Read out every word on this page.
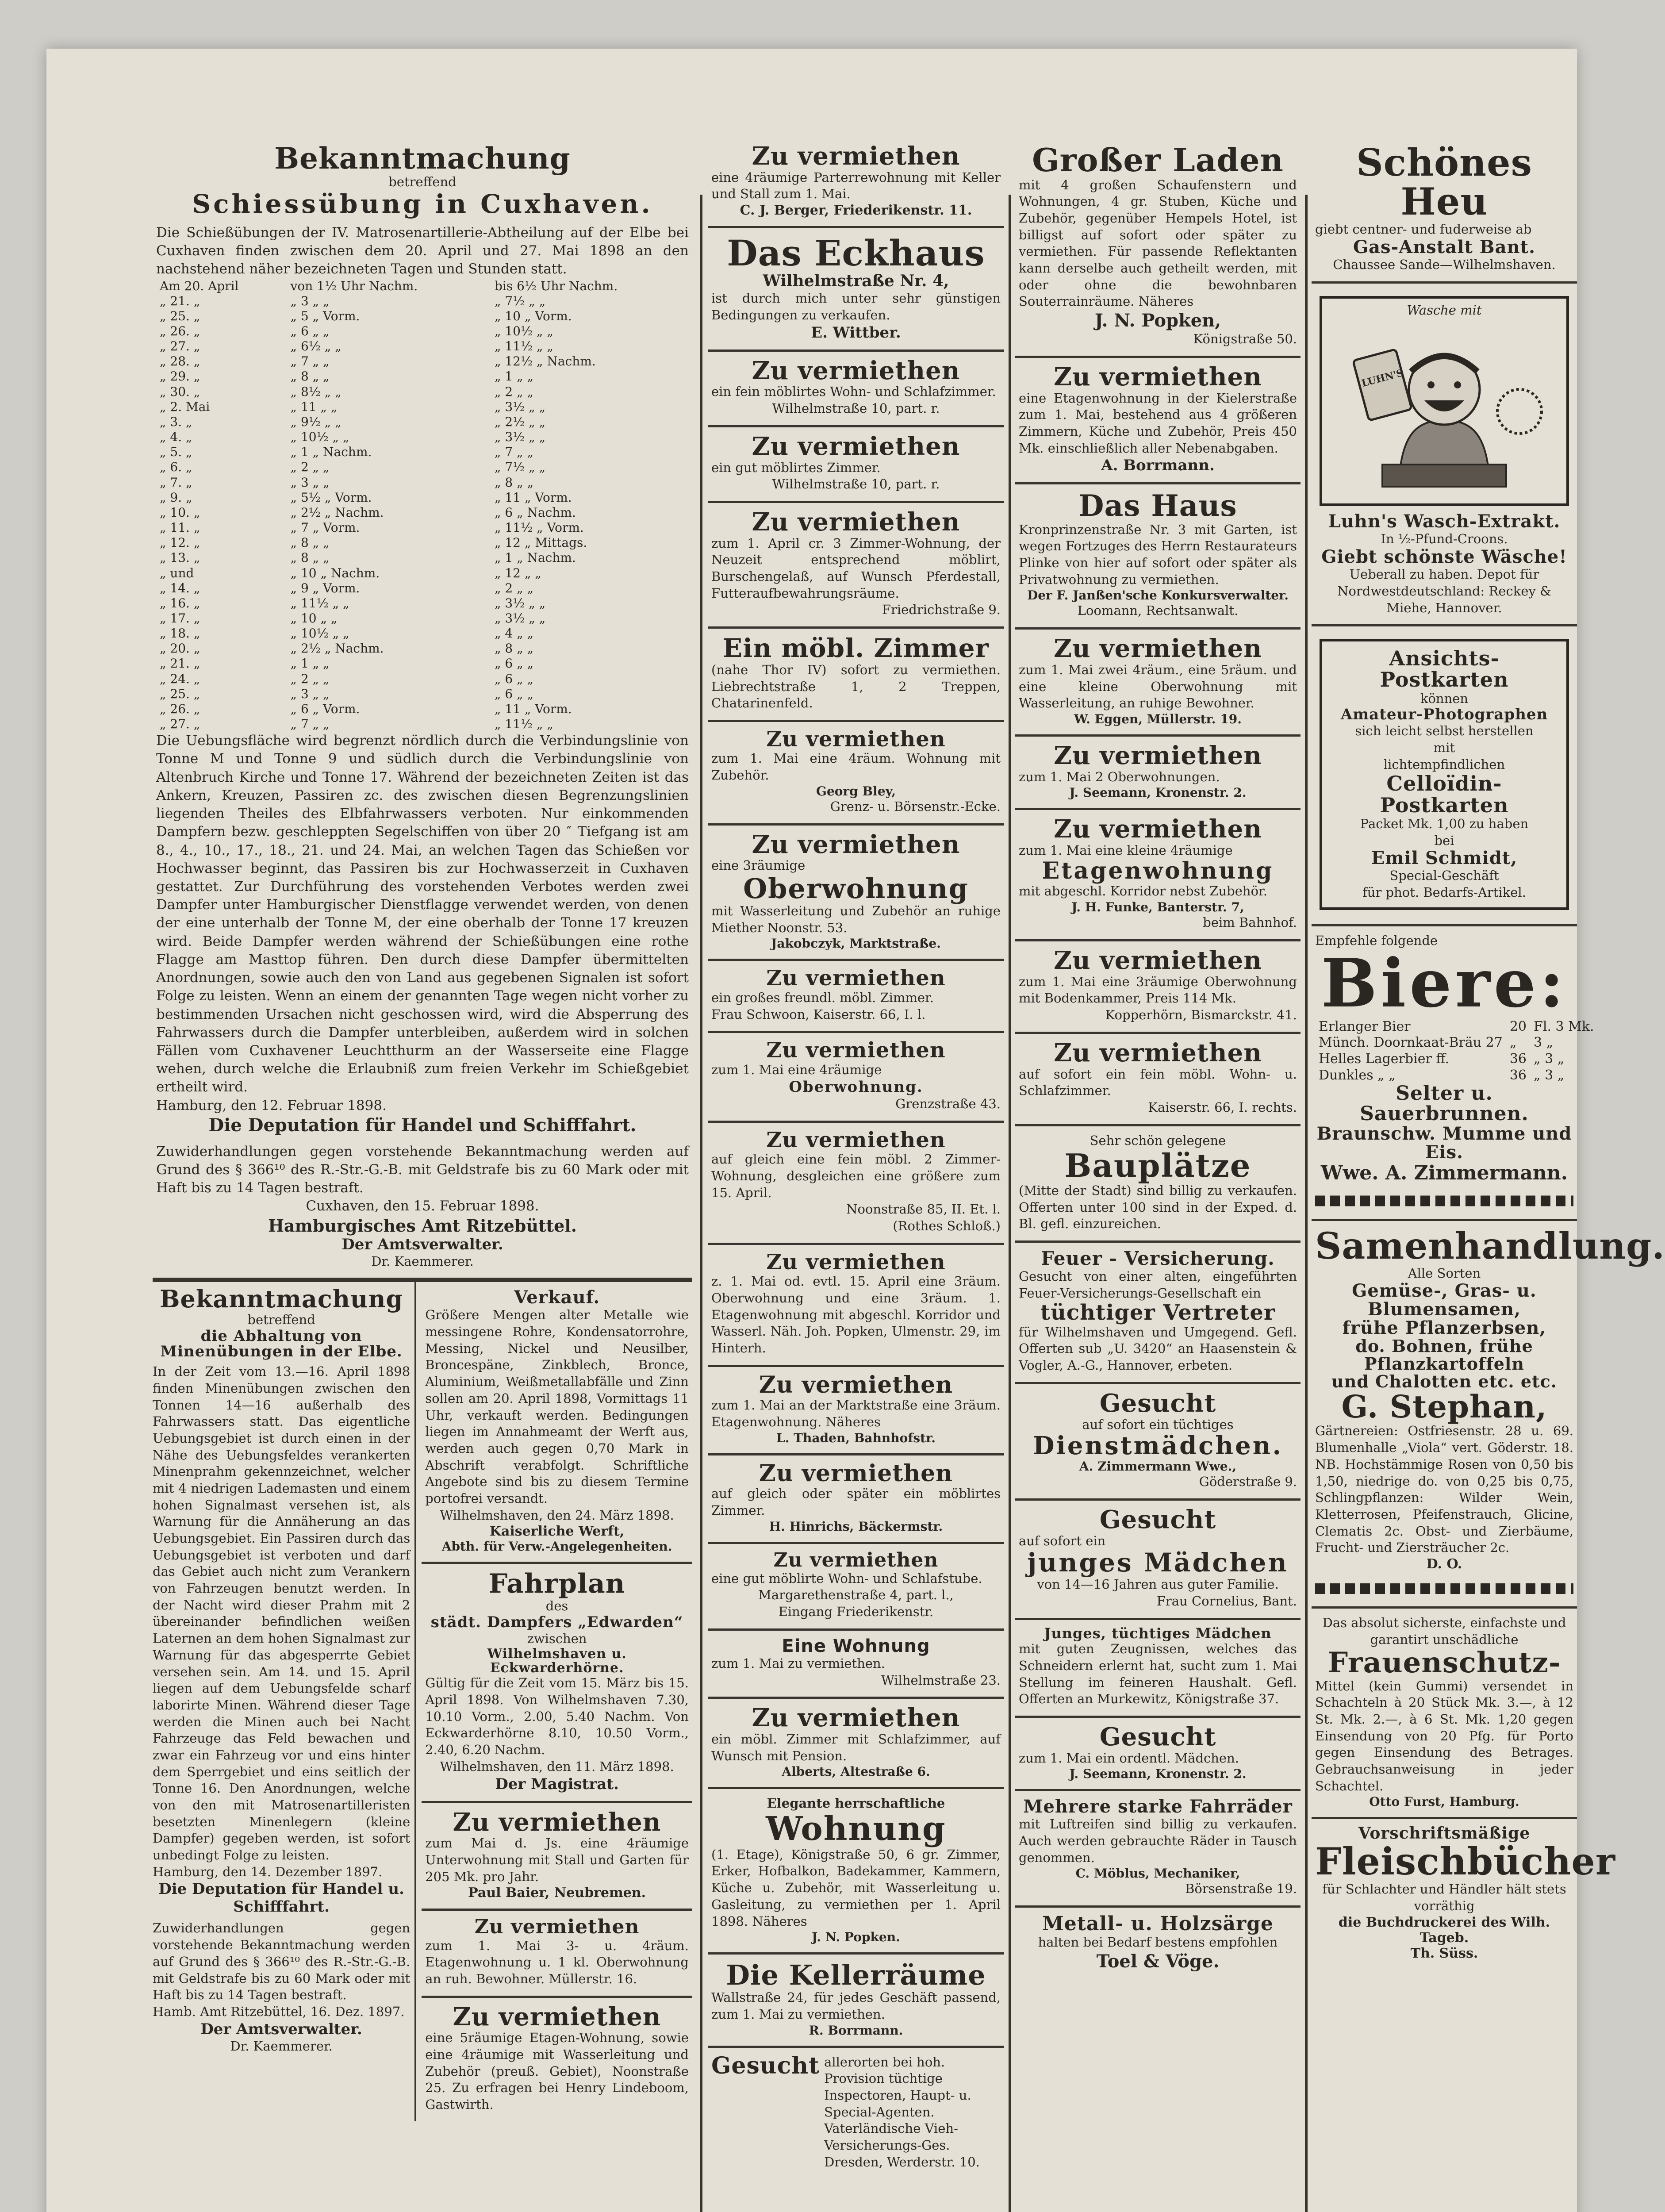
Bekanntmachung
betreffend
Schiessübung in Cuxhaven.
Die Schießübungen der IV. Matrosenartillerie-Abtheilung auf der Elbe bei Cuxhaven finden zwischen dem 20. April und 27. Mai 1898 an den nachstehend näher bezeichneten Tagen und Stunden statt.
Am 20. April	von 1½ Uhr Nachm.	bis 6½ Uhr Nachm.
„ 21. „	„ 3 „ „	„ 7½ „ „
„ 25. „	„ 5 „ Vorm.	„ 10 „ Vorm.
„ 26. „	„ 6 „ „	„ 10½ „ „
„ 27. „	„ 6½ „ „	„ 11½ „ „
„ 28. „	„ 7 „ „	„ 12½ „ Nachm.
„ 29. „	„ 8 „ „	„ 1 „ „
„ 30. „	„ 8½ „ „	„ 2 „ „
„ 2. Mai	„ 11 „ „	„ 3½ „ „
„ 3. „	„ 9½ „ „	„ 2½ „ „
„ 4. „	„ 10½ „ „	„ 3½ „ „
„ 5. „	„ 1 „ Nachm.	„ 7 „ „
„ 6. „	„ 2 „ „	„ 7½ „ „
„ 7. „	„ 3 „ „	„ 8 „ „
„ 9. „	„ 5½ „ Vorm.	„ 11 „ Vorm.
„ 10. „	„ 2½ „ Nachm.	„ 6 „ Nachm.
„ 11. „	„ 7 „ Vorm.	„ 11½ „ Vorm.
„ 12. „	„ 8 „ „	„ 12 „ Mittags.
„ 13. „	„ 8 „ „	„ 1 „ Nachm.
„ und	„ 10 „ Nachm.	„ 12 „ „
„ 14. „	„ 9 „ Vorm.	„ 2 „ „
„ 16. „	„ 11½ „ „	„ 3½ „ „
„ 17. „	„ 10 „ „	„ 3½ „ „
„ 18. „	„ 10½ „ „	„ 4 „ „
„ 20. „	„ 2½ „ Nachm.	„ 8 „ „
„ 21. „	„ 1 „ „	„ 6 „ „
„ 24. „	„ 2 „ „	„ 6 „ „
„ 25. „	„ 3 „ „	„ 6 „ „
„ 26. „	„ 6 „ Vorm.	„ 11 „ Vorm.
„ 27. „	„ 7 „ „	„ 11½ „ „
Die Uebungsfläche wird begrenzt nördlich durch die Verbindungslinie von Tonne M und Tonne 9 und südlich durch die Verbindungslinie von Altenbruch Kirche und Tonne 17. Während der bezeichneten Zeiten ist das Ankern, Kreuzen, Passiren zc. des zwischen diesen Begrenzungslinien liegenden Theiles des Elbfahrwassers verboten. Nur einkommenden Dampfern bezw. geschleppten Segelschiffen von über 20 ″ Tiefgang ist am 8., 4., 10., 17., 18., 21. und 24. Mai, an welchen Tagen das Schießen vor Hochwasser beginnt, das Passiren bis zur Hochwasserzeit in Cuxhaven gestattet. Zur Durchführung des vorstehenden Verbotes werden zwei Dampfer unter Hamburgischer Dienstflagge verwendet werden, von denen der eine unterhalb der Tonne M, der eine oberhalb der Tonne 17 kreuzen wird. Beide Dampfer werden während der Schießübungen eine rothe Flagge am Masttop führen. Den durch diese Dampfer übermittelten Anordnungen, sowie auch den von Land aus gegebenen Signalen ist sofort Folge zu leisten. Wenn an einem der genannten Tage wegen nicht vorher zu bestimmenden Ursachen nicht geschossen wird, wird die Absperrung des Fahrwassers durch die Dampfer unterbleiben, außerdem wird in solchen Fällen vom Cuxhavener Leuchtthurm an der Wasserseite eine Flagge wehen, durch welche die Erlaubniß zum freien Verkehr im Schießgebiet ertheilt wird.
Hamburg, den 12. Februar 1898.
Die Deputation für Handel und Schifffahrt.
Zuwiderhandlungen gegen vorstehende Bekanntmachung werden auf Grund des § 366¹⁰ des R.-Str.-G.-B. mit Geldstrafe bis zu 60 Mark oder mit Haft bis zu 14 Tagen bestraft.
Cuxhaven, den 15. Februar 1898.
Hamburgisches Amt Ritzebüttel.
Der Amtsverwalter.
Dr. Kaemmerer.
Bekanntmachung
betreffend
die Abhaltung von Minenübungen in der Elbe.
In der Zeit vom 13.—16. April 1898 finden Minenübungen zwischen den Tonnen 14—16 außerhalb des Fahrwassers statt. Das eigentliche Uebungsgebiet ist durch einen in der Nähe des Uebungsfeldes verankerten Minenprahm gekennzeichnet, welcher mit 4 niedrigen Lademasten und einem hohen Signalmast versehen ist, als Warnung für die Annäherung an das Uebungsgebiet. Ein Passiren durch das Uebungsgebiet ist verboten und darf das Gebiet auch nicht zum Verankern von Fahrzeugen benutzt werden. In der Nacht wird dieser Prahm mit 2 übereinander befindlichen weißen Laternen an dem hohen Signalmast zur Warnung für das abgesperrte Gebiet versehen sein. Am 14. und 15. April liegen auf dem Uebungsfelde scharf laborirte Minen. Während dieser Tage werden die Minen auch bei Nacht Fahrzeuge das Feld bewachen und zwar ein Fahrzeug vor und eins hinter dem Sperrgebiet und eins seitlich der Tonne 16. Den Anordnungen, welche von den mit Matrosenartilleristen besetzten Minenlegern (kleine Dampfer) gegeben werden, ist sofort unbedingt Folge zu leisten.
Hamburg, den 14. Dezember 1897.
Die Deputation für Handel u. Schifffahrt.
Zuwiderhandlungen gegen vorstehende Bekanntmachung werden auf Grund des § 366¹⁰ des R.-Str.-G.-B. mit Geldstrafe bis zu 60 Mark oder mit Haft bis zu 14 Tagen bestraft.
Hamb. Amt Ritzebüttel, 16. Dez. 1897.
Der Amtsverwalter.
Dr. Kaemmerer.
Verkauf.
Größere Mengen alter Metalle wie messingene Rohre, Kondensatorrohre, Messing, Nickel und Neusilber, Broncespäne, Zinkblech, Bronce, Aluminium, Weißmetallabfälle und Zinn sollen am 20. April 1898, Vormittags 11 Uhr, verkauft werden. Bedingungen liegen im Annahmeamt der Werft aus, werden auch gegen 0,70 Mark in Abschrift verabfolgt. Schriftliche Angebote sind bis zu diesem Termine portofrei versandt.
Wilhelmshaven, den 24. März 1898.
Kaiserliche Werft,
Abth. für Verw.-Angelegenheiten.
Fahrplan
des
städt. Dampfers „Edwarden“
zwischen
Wilhelmshaven u. Eckwarderhörne.
Gültig für die Zeit vom 15. März bis 15. April 1898. Von Wilhelmshaven 7.30, 10.10 Vorm., 2.00, 5.40 Nachm. Von Eckwarderhörne 8.10, 10.50 Vorm., 2.40, 6.20 Nachm.
Wilhelmshaven, den 11. März 1898.
Der Magistrat.
Zu vermiethen
zum Mai d. Js. eine 4räumige Unterwohnung mit Stall und Garten für 205 Mk. pro Jahr.
Paul Baier, Neubremen.
Zu vermiethen
zum 1. Mai 3- u. 4räum. Etagenwohnung u. 1 kl. Oberwohnung an ruh. Bewohner. Müllerstr. 16.
Zu vermiethen
eine 5räumige Etagen-Wohnung, sowie eine 4räumige mit Wasserleitung und Zubehör (preuß. Gebiet), Noonstraße 25. Zu erfragen bei Henry Lindeboom, Gastwirth.
Zu vermiethen
eine 4räumige Parterrewohnung mit Keller und Stall zum 1. Mai.
C. J. Berger, Friederikenstr. 11.
Das Eckhaus
Wilhelmstraße Nr. 4,
ist durch mich unter sehr günstigen Bedingungen zu verkaufen.
E. Wittber.
Zu vermiethen
ein fein möblirtes Wohn- und Schlafzimmer.
Wilhelmstraße 10, part. r.
Zu vermiethen
ein gut möblirtes Zimmer.
Wilhelmstraße 10, part. r.
Zu vermiethen
zum 1. April cr. 3 Zimmer-Wohnung, der Neuzeit entsprechend möblirt, Burschengelaß, auf Wunsch Pferdestall, Futteraufbewahrungsräume.
Friedrichstraße 9.
Ein möbl. Zimmer
(nahe Thor IV) sofort zu vermiethen. Liebrechtstraße 1, 2 Treppen, Chatarinenfeld.
Zu vermiethen
zum 1. Mai eine 4räum. Wohnung mit Zubehör.
Georg Bley,
Grenz- u. Börsenstr.-Ecke.
Zu vermiethen
eine 3räumige
Oberwohnung
mit Wasserleitung und Zubehör an ruhige Miether Noonstr. 53.
Jakobczyk, Marktstraße.
Zu vermiethen
ein großes freundl. möbl. Zimmer.
Frau Schwoon, Kaiserstr. 66, I. l.
Zu vermiethen
zum 1. Mai eine 4räumige
Oberwohnung.
Grenzstraße 43.
Zu vermiethen
auf gleich eine fein möbl. 2 Zimmer-Wohnung, desgleichen eine größere zum 15. April.
Noonstraße 85, II. Et. l.
(Rothes Schloß.)
Zu vermiethen
z. 1. Mai od. evtl. 15. April eine 3räum. Oberwohnung und eine 3räum. 1. Etagenwohnung mit abgeschl. Korridor und Wasserl. Näh. Joh. Popken, Ulmenstr. 29, im Hinterh.
Zu vermiethen
zum 1. Mai an der Marktstraße eine 3räum. Etagenwohnung. Näheres
L. Thaden, Bahnhofstr.
Zu vermiethen
auf gleich oder später ein möblirtes Zimmer.
H. Hinrichs, Bäckermstr.
Zu vermiethen
eine gut möblirte Wohn- und Schlafstube.
Margarethenstraße 4, part. l.,
Eingang Friederikenstr.
Eine Wohnung
zum 1. Mai zu vermiethen.
Wilhelmstraße 23.
Zu vermiethen
ein möbl. Zimmer mit Schlafzimmer, auf Wunsch mit Pension.
Alberts, Altestraße 6.
Elegante herrschaftliche
Wohnung
(1. Etage), Königstraße 50, 6 gr. Zimmer, Erker, Hofbalkon, Badekammer, Kammern, Küche u. Zubehör, mit Wasserleitung u. Gasleitung, zu vermiethen per 1. April 1898. Näheres
J. N. Popken.
Die Kellerräume
Wallstraße 24, für jedes Geschäft passend, zum 1. Mai zu vermiethen.
R. Borrmann.
Gesucht allerorten bei hoh. Provision tüchtige Inspectoren, Haupt- u. Special-Agenten. Vaterländische Vieh-Versicherungs-Ges. Dresden, Werderstr. 10.
Großer Laden
mit 4 großen Schaufenstern und Wohnungen, 4 gr. Stuben, Küche und Zubehör, gegenüber Hempels Hotel, ist billigst auf sofort oder später zu vermiethen. Für passende Reflektanten kann derselbe auch getheilt werden, mit oder ohne die bewohnbaren Souterrainräume. Näheres
J. N. Popken,
Königstraße 50.
Zu vermiethen
eine Etagenwohnung in der Kielerstraße zum 1. Mai, bestehend aus 4 größeren Zimmern, Küche und Zubehör, Preis 450 Mk. einschließlich aller Nebenabgaben.
A. Borrmann.
Das Haus
Kronprinzenstraße Nr. 3 mit Garten, ist wegen Fortzuges des Herrn Restaurateurs Plinke von hier auf sofort oder später als Privatwohnung zu vermiethen.
Der F. Janßen'sche Konkursverwalter.
Loomann, Rechtsanwalt.
Zu vermiethen
zum 1. Mai zwei 4räum., eine 5räum. und eine kleine Oberwohnung mit Wasserleitung, an ruhige Bewohner.
W. Eggen, Müllerstr. 19.
Zu vermiethen
zum 1. Mai 2 Oberwohnungen.
J. Seemann, Kronenstr. 2.
Zu vermiethen
zum 1. Mai eine kleine 4räumige
Etagenwohnung
mit abgeschl. Korridor nebst Zubehör.
J. H. Funke, Banterstr. 7,
beim Bahnhof.
Zu vermiethen
zum 1. Mai eine 3räumige Oberwohnung mit Bodenkammer, Preis 114 Mk.
Kopperhörn, Bismarckstr. 41.
Zu vermiethen
auf sofort ein fein möbl. Wohn- u. Schlafzimmer.
Kaiserstr. 66, I. rechts.
Sehr schön gelegene
Bauplätze
(Mitte der Stadt) sind billig zu verkaufen. Offerten unter 100 sind in der Exped. d. Bl. gefl. einzureichen.
Feuer - Versicherung.
Gesucht von einer alten, eingeführten Feuer-Versicherungs-Gesellschaft ein
tüchtiger Vertreter
für Wilhelmshaven und Umgegend. Gefl. Offerten sub „U. 3420“ an Haasenstein & Vogler, A.-G., Hannover, erbeten.
Gesucht
auf sofort ein tüchtiges
Dienstmädchen.
A. Zimmermann Wwe.,
Göderstraße 9.
Gesucht
auf sofort ein
junges Mädchen
von 14—16 Jahren aus guter Familie.
Frau Cornelius, Bant.
Junges, tüchtiges Mädchen
mit guten Zeugnissen, welches das Schneidern erlernt hat, sucht zum 1. Mai Stellung im feineren Haushalt. Gefl. Offerten an Murkewitz, Königstraße 37.
Gesucht
zum 1. Mai ein ordentl. Mädchen.
J. Seemann, Kronenstr. 2.
Mehrere starke Fahrräder
mit Luftreifen sind billig zu verkaufen. Auch werden gebrauchte Räder in Tausch genommen.
C. Möblus, Mechaniker,
Börsenstraße 19.
Metall- u. Holzsärge
halten bei Bedarf bestens empfohlen
Toel & Vöge.
Schönes Heu
giebt centner- und fuderweise ab
Gas-Anstalt Bant.
Chaussee Sande—Wilhelmshaven.
Wasche mit
LUHN'S
Luhn's Wasch-Extrakt.
In ½-Pfund-Croons.
Giebt schönste Wäsche!
Ueberall zu haben. Depot für Nordwestdeutschland: Reckey & Miehe, Hannover.
Ansichts-Postkarten
können
Amateur-Photographen
sich leicht selbst herstellen
mit
lichtempfindlichen
Celloïdin-Postkarten
Packet Mk. 1,00 zu haben
bei
Emil Schmidt,
Special-Geschäft
für phot. Bedarfs-Artikel.
Empfehle folgende
Biere:
Erlanger Bier	20	Fl. 3 Mk.
Münch. Doornkaat-Bräu 27	„	3 „
Helles Lagerbier ff.	36	„ 3 „
Dunkles „ „	36	„ 3 „
Selter u. Sauerbrunnen.
Braunschw. Mumme und Eis.
Wwe. A. Zimmermann.
Samenhandlung.
Alle Sorten
Gemüse-, Gras- u. Blumensamen,
frühe Pflanzerbsen,
do. Bohnen, frühe Pflanzkartoffeln
und Chalotten etc. etc.
G. Stephan,
Gärtnereien: Ostfriesenstr. 28 u. 69. Blumenhalle „Viola“ vert. Göderstr. 18. NB. Hochstämmige Rosen von 0,50 bis 1,50, niedrige do. von 0,25 bis 0,75, Schlingpflanzen: Wilder Wein, Kletterrosen, Pfeifenstrauch, Glicine, Clematis 2c. Obst- und Zierbäume, Frucht- und Ziersträucher 2c.
D. O.
Das absolut sicherste, einfachste und garantirt unschädliche
Frauenschutz-
Mittel (kein Gummi) versendet in Schachteln à 20 Stück Mk. 3.—, à 12 St. Mk. 2.—, à 6 St. Mk. 1,20 gegen Einsendung von 20 Pfg. für Porto gegen Einsendung des Betrages. Gebrauchsanweisung in jeder Schachtel.
Otto Furst, Hamburg.
Vorschriftsmäßige
Fleischbücher
für Schlachter und Händler hält stets vorräthig
die Buchdruckerei des Wilh. Tageb.
Th. Süss.
